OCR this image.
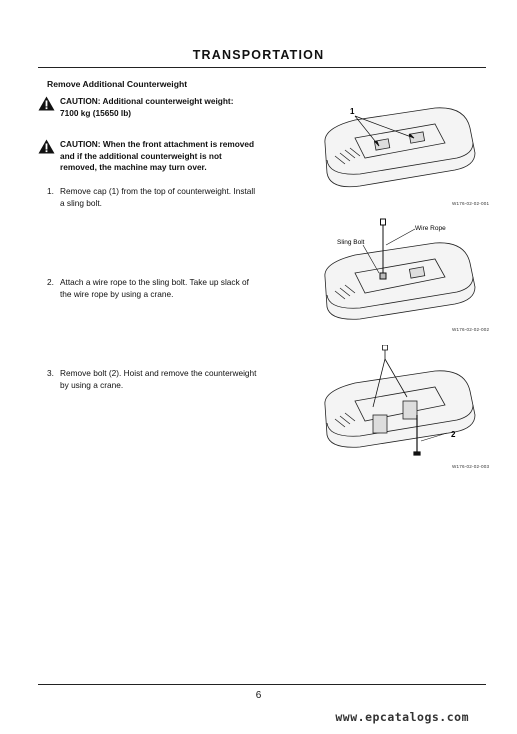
TRANSPORTATION
Remove Additional Counterweight
CAUTION: Additional counterweight weight:
7100 kg (15650 lb)
CAUTION: When the front attachment is removed
and if the additional counterweight is not
removed, the machine may turn over.
1. Remove cap (1) from the top of counterweight. Install
a sling bolt.
2. Attach a wire rope to the sling bolt. Take up slack of
the wire rope by using a crane.
3. Remove bolt (2). Hoist and remove the counterweight
by using a crane.
1
W176-02-02-001
Wire Rope
Sling Bolt
W176-02-02-002
2
W176-02-02-003
6
www.epcatalogs.com
